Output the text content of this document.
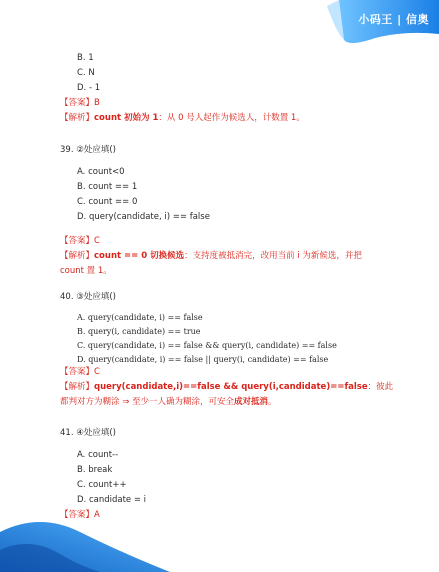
小码王 | 信奥
B. 1
C. N
D. - 1
【答案】B
【解析】count 初始为 1：从 0 号人起作为候选人，计数置 1。
39. ②处应填()
A. count<0
B. count == 1
C. count == 0
D. query(candidate, i) == false
【答案】C
【解析】count == 0 切换候选：支持度被抵消完，改用当前 i 为新候选，并把
count 置 1。
40. ③处应填()
A. query(candidate, i) == false
B. query(i, candidate) == true
C. query(candidate, i) == false && query(i, candidate) == false
D. query(candidate, i) == false || query(i, candidate) == false
【答案】C
【解析】query(candidate,i)==false && query(i,candidate)==false：彼此
都判对方为糊涂 ⇒ 至少一人确为糊涂，可安全成对抵消。
41. ④处应填()
A. count--
B. break
C. count++
D. candidate = i
【答案】A
